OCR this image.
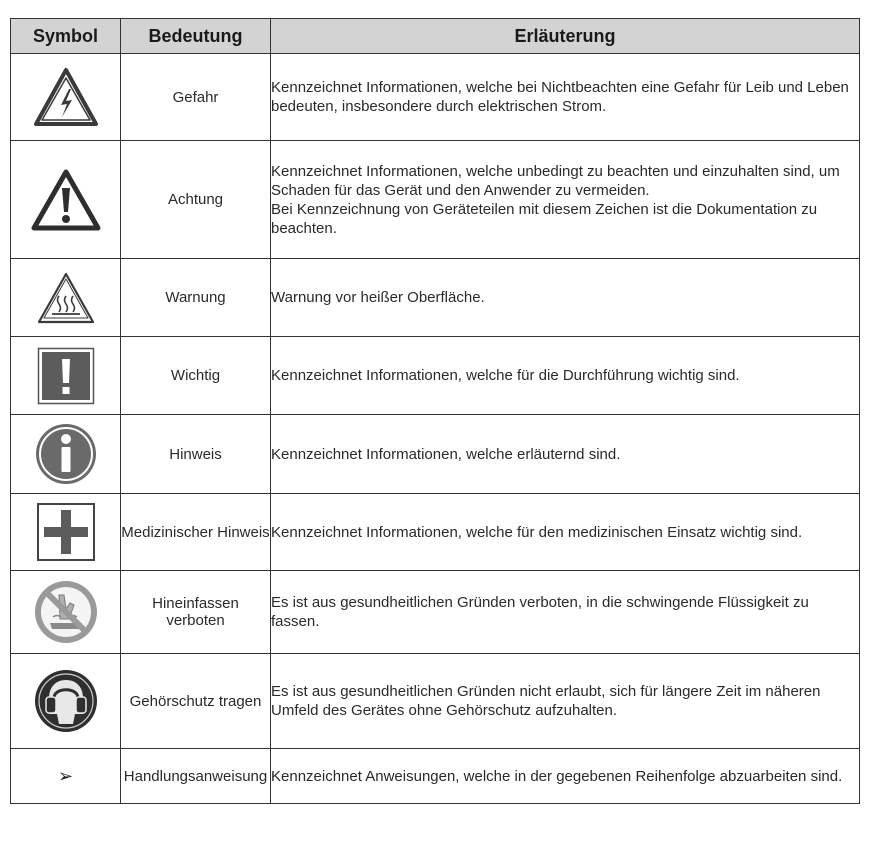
Symbol	Bedeutung	Erläuterung

	Gefahr	Kennzeichnet Informationen, welche bei Nichtbeachten eine Gefahr für Leib und Leben bedeuten, insbesondere durch elektrischen Strom.

	Achtung	Kennzeichnet Informationen, welche unbedingt zu beachten und einzuhalten sind, um Schaden für das Gerät und den Anwender zu vermeiden.

Bei Kennzeichnung von Geräteteilen mit diesem Zeichen ist die Dokumentation zu beachten.

	Warnung	Warnung vor heißer Oberfläche.

	Wichtig	Kennzeichnet Informationen, welche für die Durchführung wichtig sind.

	Hinweis	Kennzeichnet Informationen, welche erläuternd sind.

	Medizinischer Hinweis	Kennzeichnet Informationen, welche für den medizinischen Einsatz wichtig sind.

	Hineinfassen verboten	Es ist aus gesundheitlichen Gründen verboten, in die schwingende Flüssigkeit zu fassen.

	Gehörschutz tragen	Es ist aus gesundheitlichen Gründen nicht erlaubt, sich für längere Zeit im näheren Umfeld des Gerätes ohne Gehörschutz aufzuhalten.

➢	Handlungsanweisung	Kennzeichnet Anweisungen, welche in der gegebenen Reihenfolge abzuarbeiten sind.
